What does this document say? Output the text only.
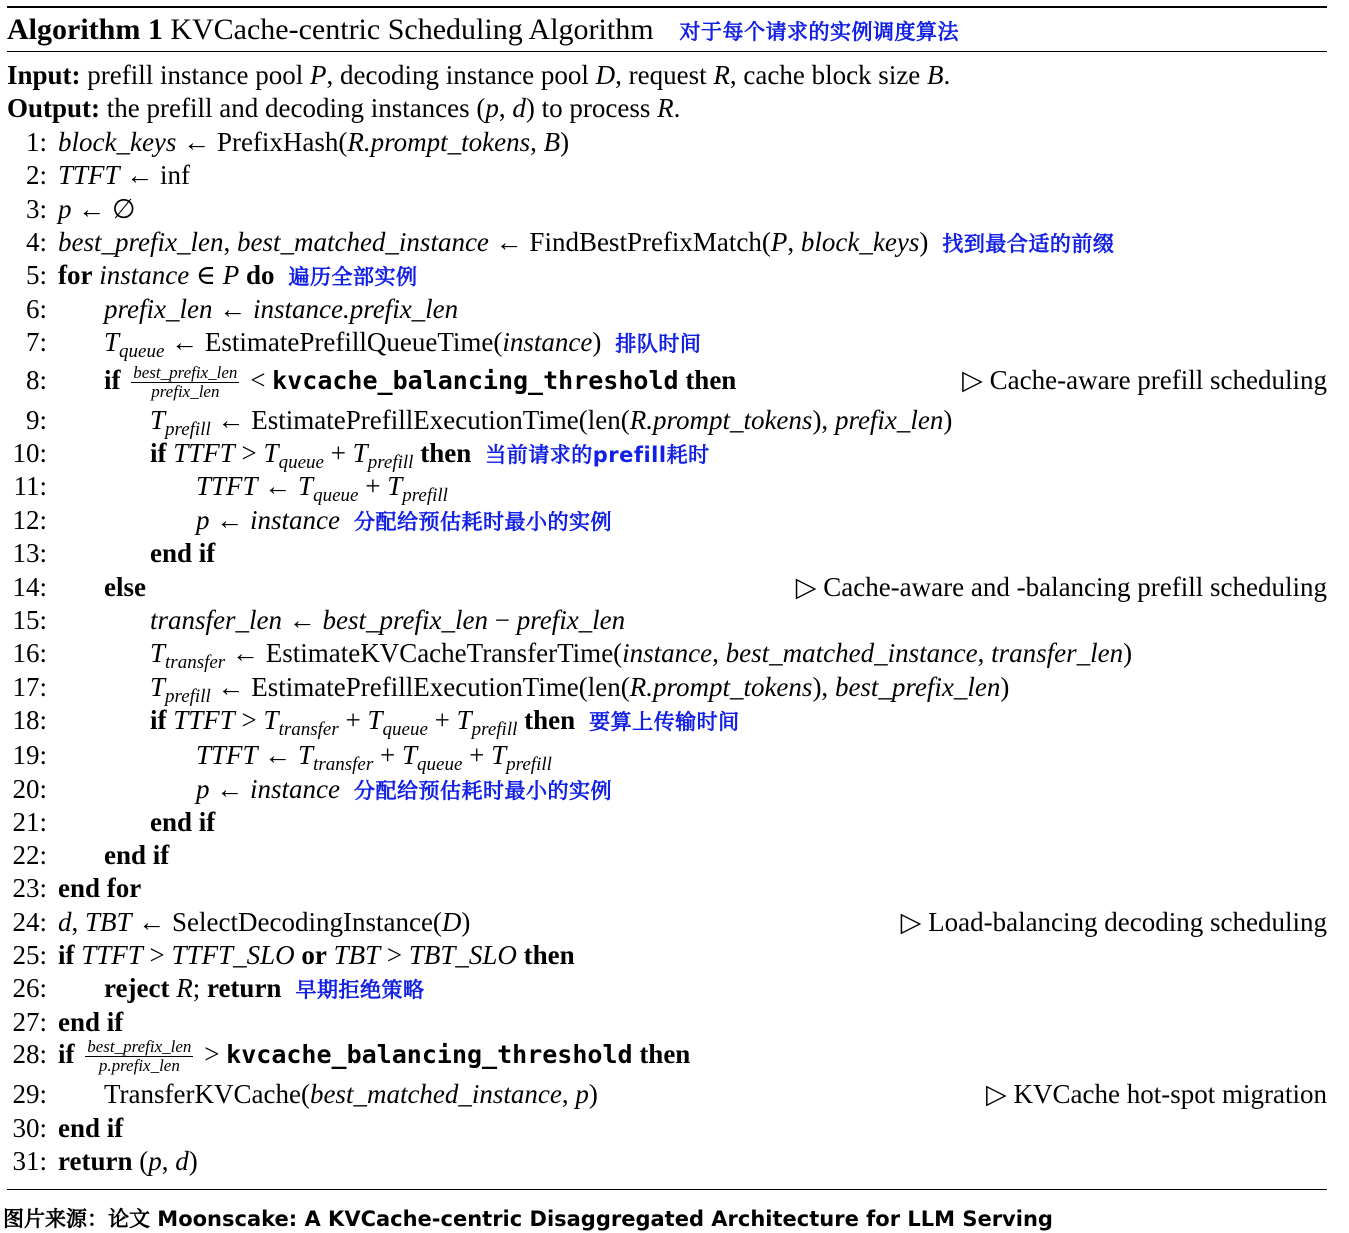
Algorithm 1 KVCache-centric Scheduling Algorithm 对于每个请求的实例调度算法
Input: prefill instance pool P, decoding instance pool D, request R, cache block size B.
Output: the prefill and decoding instances (p, d) to process R.
1: block_keys ← PrefixHash(R.prompt_tokens, B)
2: TTFT ← inf
3: p ← ∅
4: best_prefix_len, best_matched_instance ← FindBestPrefixMatch(P, block_keys) 找到最合适的前缀
5: for instance ∈ P do 遍历全部实例
6: prefix_len ← instance.prefix_len
7: $T_{queue}$ ← EstimatePrefillQueueTime(instance) 排队时间
8: if $\frac{\text{best\_prefix\_len}}{\text{prefix\_len}}$ < kvcache_balancing_threshold then	▷ Cache-aware prefill scheduling
9:	$T_{prefill}$ ← EstimatePrefillExecutionTime(len(R.prompt_tokens), prefix_len)
10:	if TTFT > $T_{queue} + T_{prefill}$ then 当前请求的prefill耗时
11:	TTFT ← $T_{queue} + T_{prefill}$
12:	p ← instance 分配给预估耗时最小的实例
13:	end if
14: else	▷ Cache-aware and -balancing prefill scheduling
15:	transfer_len ← best_prefix_len − prefix_len
16:	$T_{transfer}$ ← EstimateKVCacheTransferTime(instance, best_matched_instance, transfer_len)
17:	$T_{prefill}$ ← EstimatePrefillExecutionTime(len(R.prompt_tokens), best_prefix_len)
18:	if TTFT > $T_{transfer} + T_{queue} + T_{prefill}$ then 要算上传输时间
19:	TTFT ← $T_{transfer} + T_{queue} + T_{prefill}$
20:	p ← instance 分配给预估耗时最小的实例
21:	end if
22: end if
23: end for
24: d, TBT ← SelectDecodingInstance(D)	▷ Load-balancing decoding scheduling
25: if TTFT > TTFT_SLO or TBT > TBT_SLO then
26: reject R; return 早期拒绝策略
27: end if
28: if $\frac{\text{best\_prefix\_len}}{\text{p.prefix\_len}}$ > kvcache_balancing_threshold then
29: TransferKVCache(best_matched_instance, p)	▷ KVCache hot-spot migration
30: end if
31: return (p, d)
图片来源：论文 Moonscake: A KVCache-centric Disaggregated Architecture for LLM Serving
